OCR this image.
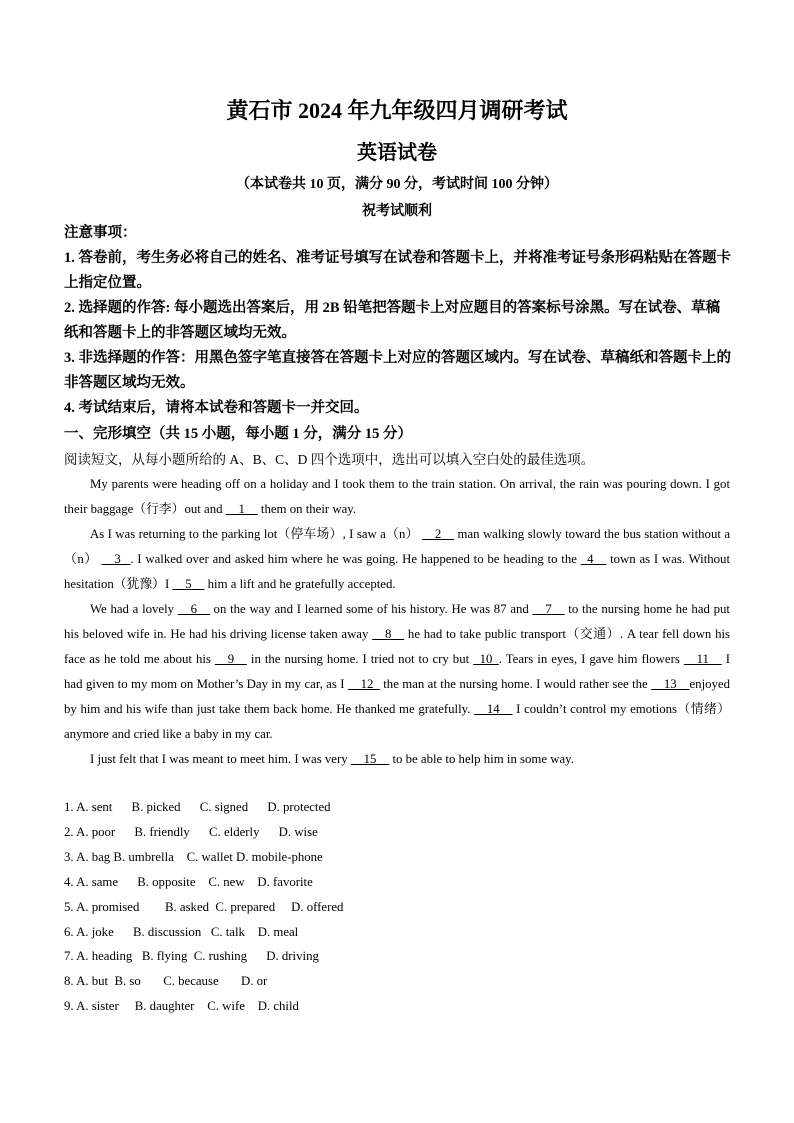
黄石市 2024 年九年级四月调研考试
英语试卷
（本试卷共 10 页，满分 90 分，考试时间 100 分钟）
祝考试顺利
注意事项：
1. 答卷前，考生务必将自己的姓名、准考证号填写在试卷和答题卡上，并将准考证号条形码粘贴在答题卡上指定位置。
2. 选择题的作答: 每小题选出答案后，用 2B 铅笔把答题卡上对应题目的答案标号涂黑。写在试卷、草稿纸和答题卡上的非答题区域均无效。
3. 非选择题的作答：用黑色签字笔直接答在答题卡上对应的答题区域内。写在试卷、草稿纸和答题卡上的非答题区域均无效。
4. 考试结束后，请将本试卷和答题卡一并交回。
一、完形填空（共 15 小题，每小题 1 分，满分 15 分）
阅读短文，从每小题所给的 A、B、C、D 四个选项中，选出可以填入空白处的最佳选项。

My parents were heading off on a holiday and I took them to the train station. On arrival, the rain was pouring down. I got their baggage（行李）out and 1 them on their way.

As I was returning to the parking lot（停车场）, I saw a（n） 2 man walking slowly toward the bus station without a（n） 3 . I walked over and asked him where he was going. He happened to be heading to the 4 town as I was. Without hesitation（犹豫）I 5 him a lift and he gratefully accepted.

We had a lovely 6 on the way and I learned some of his history. He was 87 and 7 to the nursing home he had put his beloved wife in. He had his driving license taken away 8 he had to take public transport（交通）. A tear fell down his face as he told me about his 9 in the nursing home. I tried not to cry but 10 . Tears in eyes, I gave him flowers 11 I had given to my mom on Mother’s Day in my car, as I 12 the man at the nursing home. I would rather see the 13 enjoyed by him and his wife than just take them back home. He thanked me gratefully. 14 I couldn’t control my emotions（情绪）anymore and cried like a baby in my car.

I just felt that I was meant to meet him. I was very 15 to be able to help him in some way.

1. A. sent      B. picked      C. signed      D. protected
2. A. poor      B. friendly      C. elderly      D. wise
3. A. bag B. umbrella    C. wallet D. mobile-phone
4. A. same      B. opposite    C. new    D. favorite
5. A. promised        B. asked  C. prepared     D. offered
6. A. joke      B. discussion   C. talk    D. meal
7. A. heading   B. flying  C. rushing      D. driving
8. A. but  B. so       C. because       D. or
9. A. sister     B. daughter    C. wife    D. child
